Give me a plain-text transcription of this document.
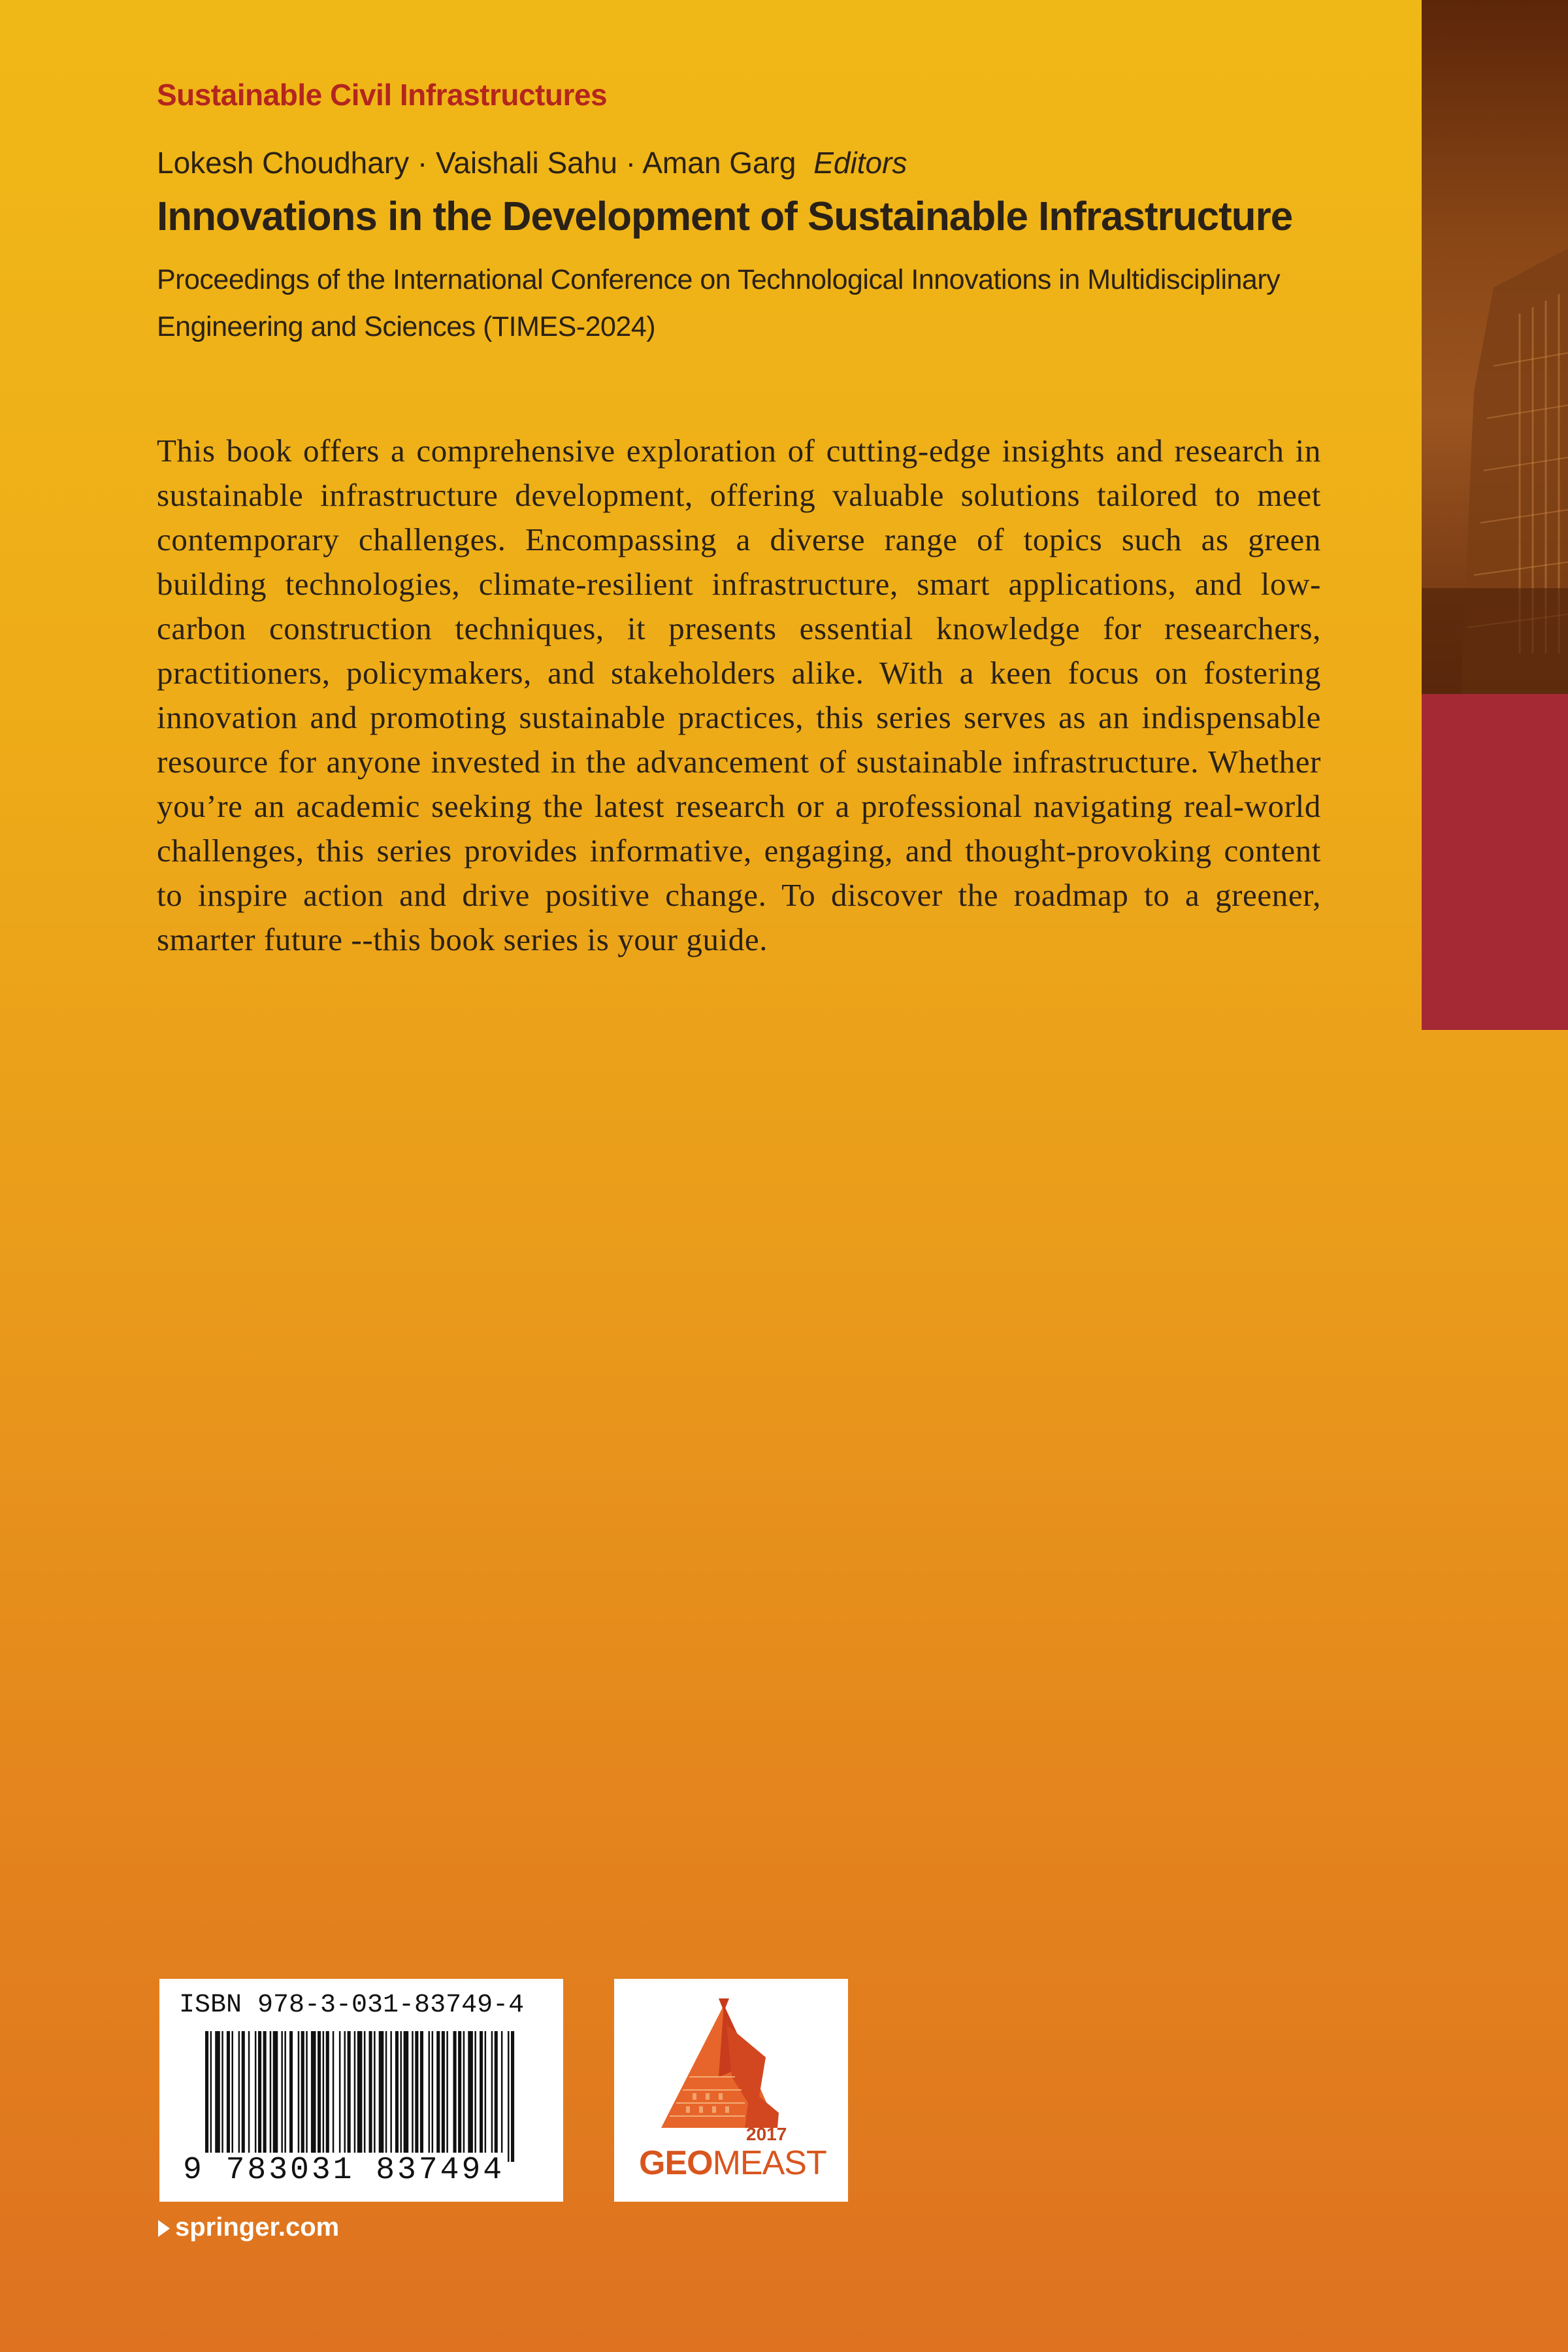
Sustainable Civil Infrastructures
Lokesh Choudhary · Vaishali Sahu · Aman Garg Editors
Innovations in the Development of Sustainable Infrastructure
Proceedings of the International Conference on Technological Innovations in Multidisciplinary Engineering and Sciences (TIMES-2024)
This book offers a comprehensive exploration of cutting-edge insights and research in sustainable infrastructure development, offering valuable solutions tailored to meet contemporary challenges. Encompassing a diverse range of topics such as green building technologies, climate-resilient infrastructure, smart applications, and low-carbon construction techniques, it presents essential knowledge for researchers, practitioners, policymakers, and stakeholders alike. With a keen focus on fostering innovation and promoting sustainable practices, this series serves as an indispensable resource for anyone invested in the advancement of sustainable infrastructure. Whether you’re an academic seeking the latest research or a professional navigating real-world challenges, this series provides informative, engaging, and thought-provoking content to inspire action and drive positive change. To discover the roadmap to a greener, smarter future --this book series is your guide.
ISBN 978-3-031-83749-4
9 783031 837494
2017
GEOMEAST
springer.com
